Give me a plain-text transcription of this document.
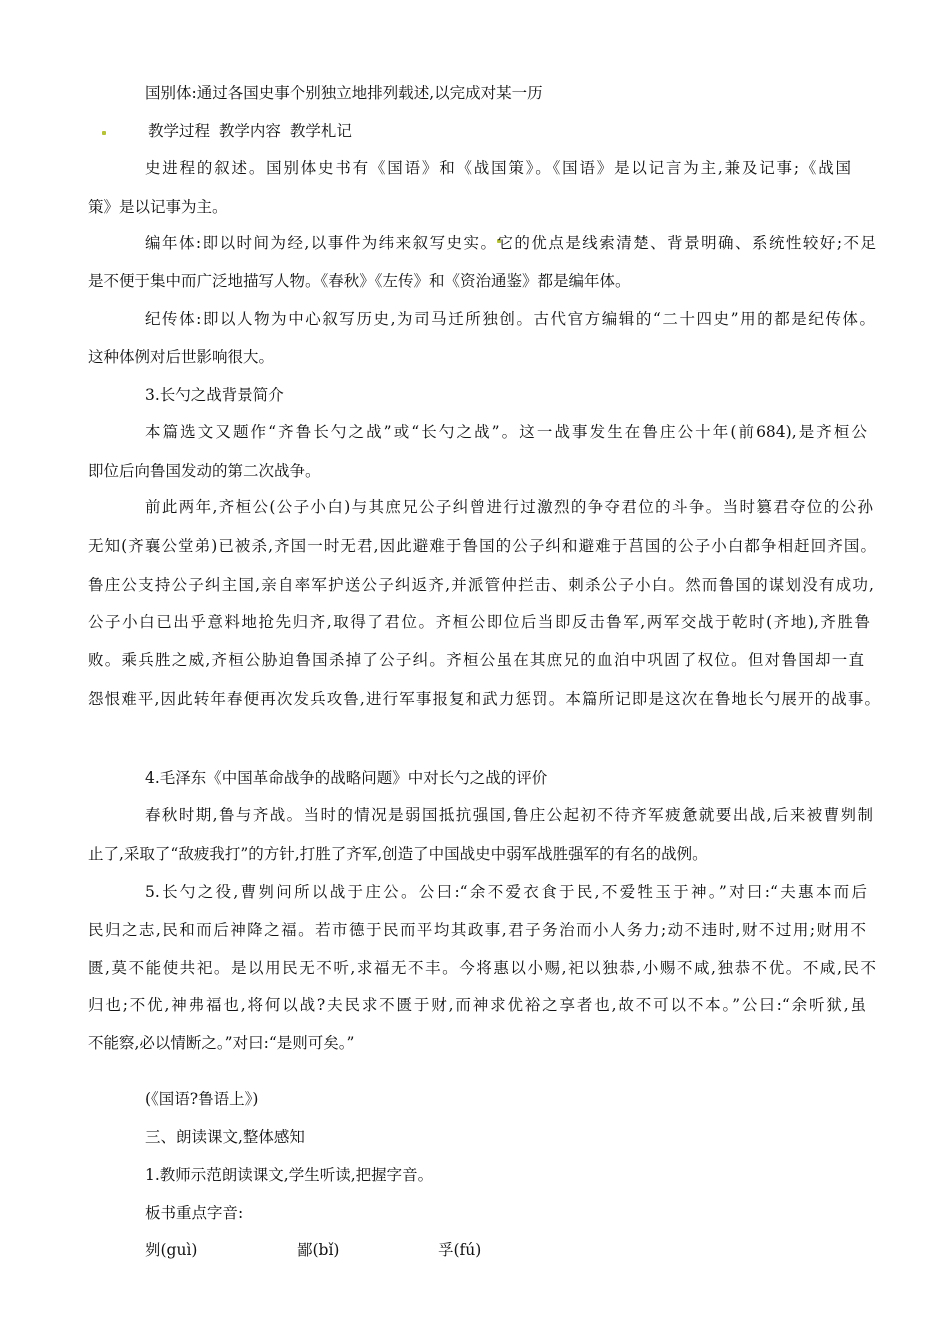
国别体:通过各国史事个别独立地排列载述,以完成对某一历
教学过程 教学内容 教学札记
史进程的叙述。国别体史书有《国语》和《战国策》。《国语》是以记言为主,兼及记事;《战国
策》是以记事为主。
编年体:即以时间为经,以事件为纬来叙写史实。它的优点是线索清楚、背景明确、系统性较好;不足
是不便于集中而广泛地描写人物。《春秋》《左传》和《资治通鉴》都是编年体。
纪传体:即以人物为中心叙写历史,为司马迁所独创。古代官方编辑的“二十四史”用的都是纪传体。
这种体例对后世影响很大。
3.长勺之战背景简介
本篇选文又题作“齐鲁长勺之战”或“长勺之战”。这一战事发生在鲁庄公十年(前684),是齐桓公
即位后向鲁国发动的第二次战争。
前此两年,齐桓公(公子小白)与其庶兄公子纠曾进行过激烈的争夺君位的斗争。当时篡君夺位的公孙
无知(齐襄公堂弟)已被杀,齐国一时无君,因此避难于鲁国的公子纠和避难于莒国的公子小白都争相赶回齐国。
鲁庄公支持公子纠主国,亲自率军护送公子纠返齐,并派管仲拦击、刺杀公子小白。然而鲁国的谋划没有成功,
公子小白已出乎意料地抢先归齐,取得了君位。齐桓公即位后当即反击鲁军,两军交战于乾时(齐地),齐胜鲁
败。乘兵胜之威,齐桓公胁迫鲁国杀掉了公子纠。齐桓公虽在其庶兄的血泊中巩固了权位。但对鲁国却一直
怨恨难平,因此转年春便再次发兵攻鲁,进行军事报复和武力惩罚。本篇所记即是这次在鲁地长勺展开的战事。
4.毛泽东《中国革命战争的战略问题》中对长勺之战的评价
春秋时期,鲁与齐战。当时的情况是弱国抵抗强国,鲁庄公起初不待齐军疲惫就要出战,后来被曹刿制
止了,采取了“敌疲我打”的方针,打胜了齐军,创造了中国战史中弱军战胜强军的有名的战例。
5.长勺之役,曹刿问所以战于庄公。公曰:“余不爱衣食于民,不爱牲玉于神。”对曰:“夫惠本而后
民归之志,民和而后神降之福。若市德于民而平均其政事,君子务治而小人务力;动不违时,财不过用;财用不
匮,莫不能使共祀。是以用民无不听,求福无不丰。今将惠以小赐,祀以独恭,小赐不咸,独恭不优。不咸,民不
归也;不优,神弗福也,将何以战?夫民求不匮于财,而神求优裕之享者也,故不可以不本。”公曰:“余听狱,虽
不能察,必以情断之。”对曰:“是则可矣。”
(《国语?鲁语上》)
三、朗读课文,整体感知
1.教师示范朗读课文,学生听读,把握字音。
板书重点字音:
刿(guì)	鄙(bǐ)	孚(fú)
